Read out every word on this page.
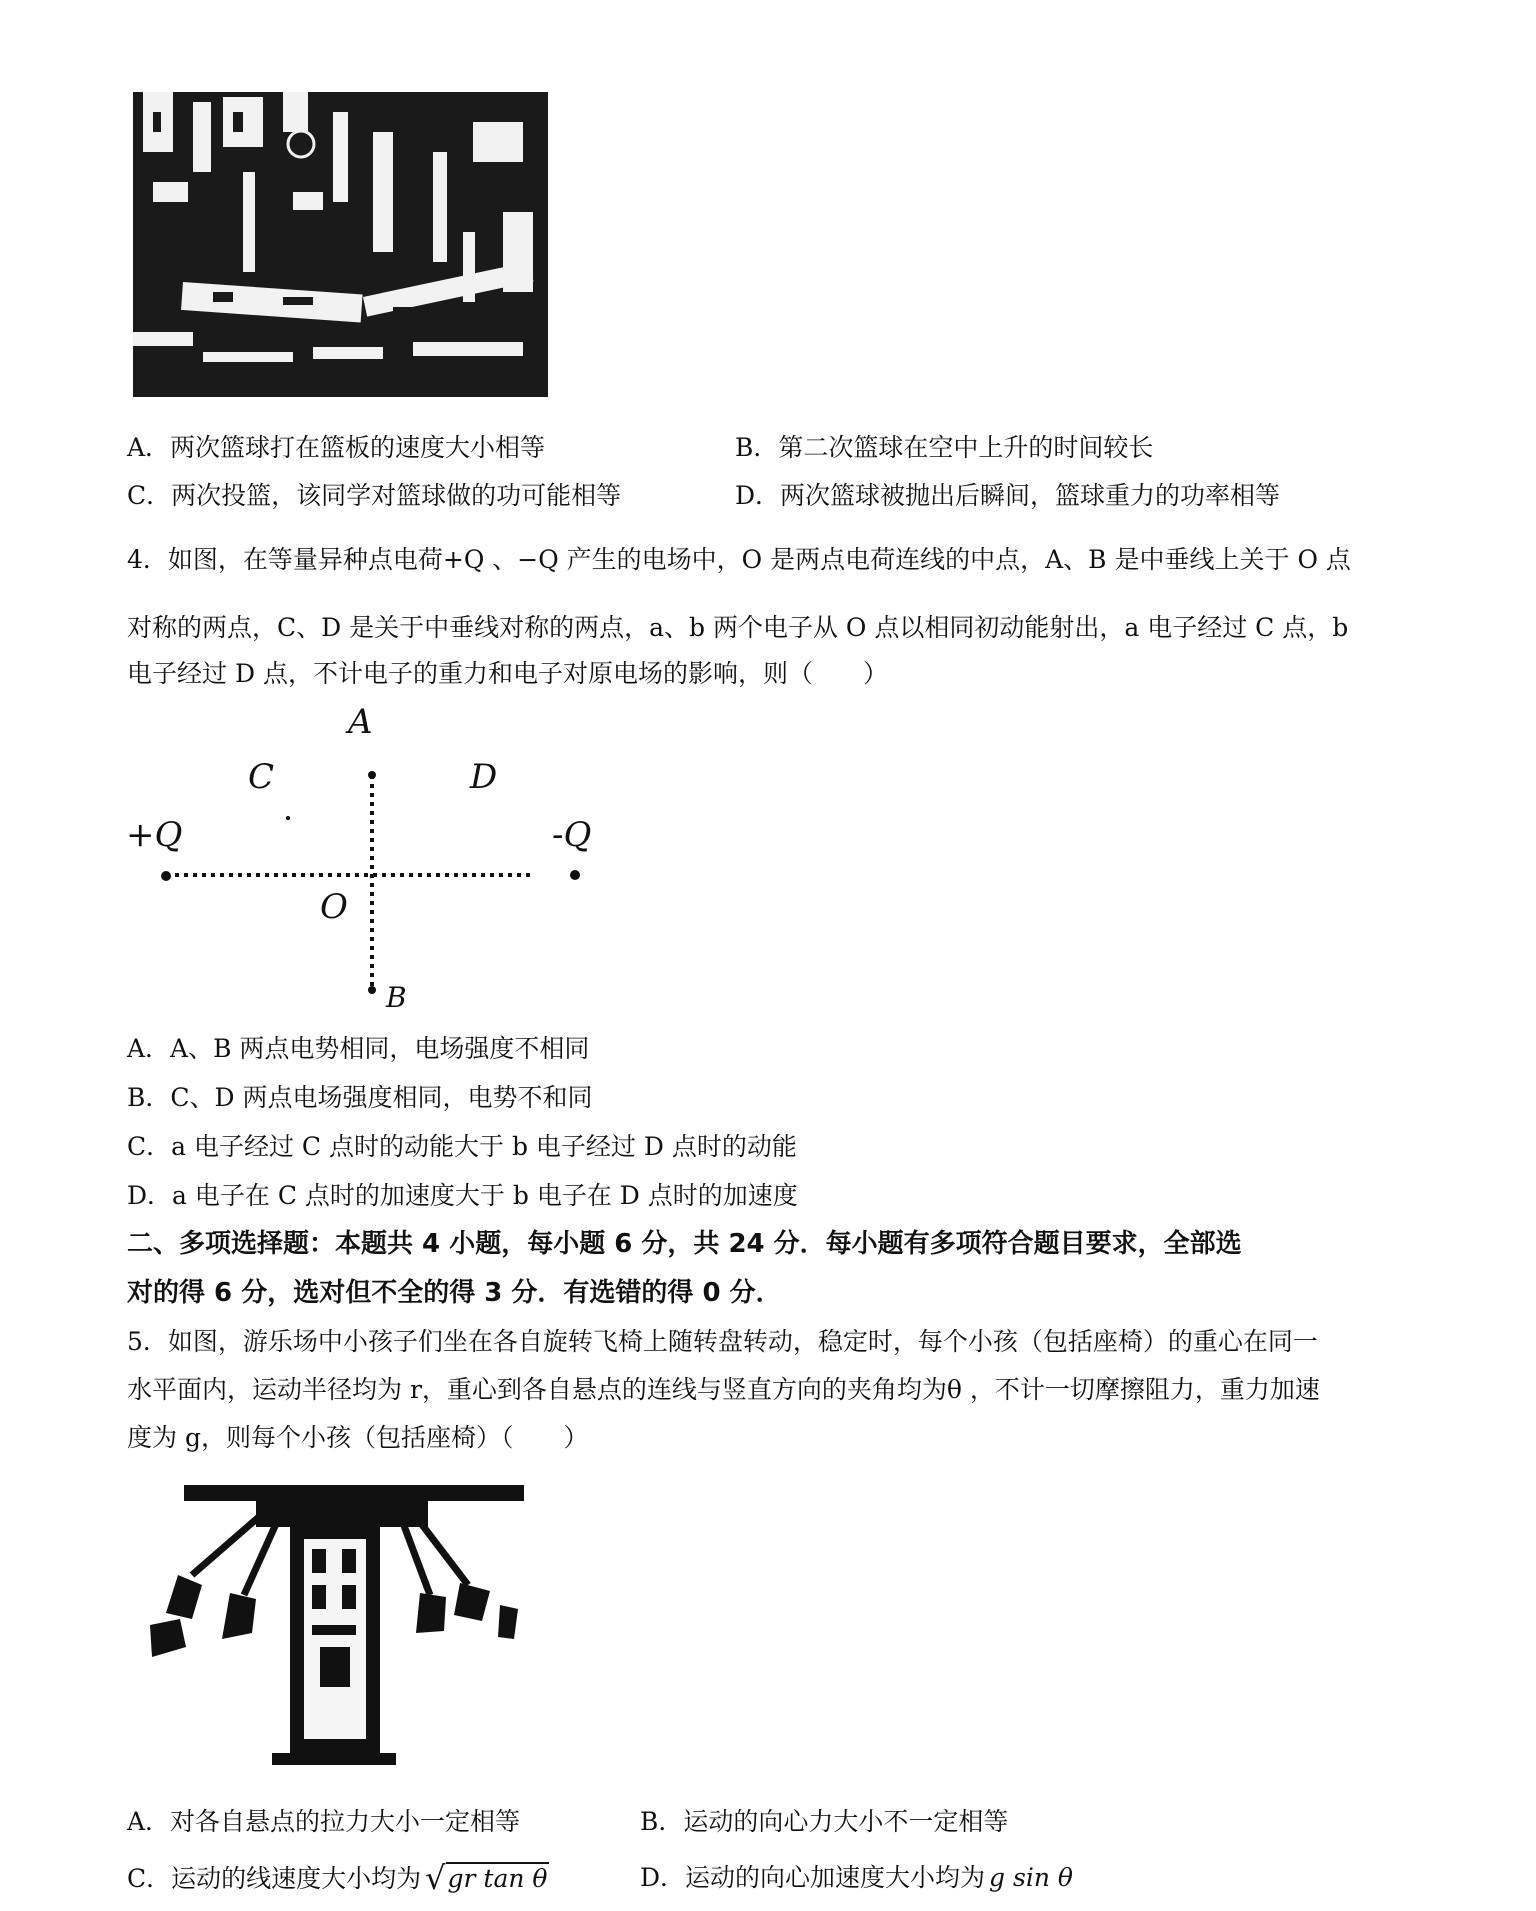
A．两次篮球打在篮板的速度大小相等	B．第二次篮球在空中上升的时间较长
C．两次投篮，该同学对篮球做的功可能相等	D．两次篮球被抛出后瞬间，篮球重力的功率相等
4．如图，在等量异种点电荷+Q 、−Q 产生的电场中，O 是两点电荷连线的中点，A、B 是中垂线上关于 O 点
对称的两点，C、D 是关于中垂线对称的两点，a、b 两个电子从 O 点以相同初动能射出，a 电子经过 C 点，b
电子经过 D 点，不计电子的重力和电子对原电场的影响，则（　　）
A
C	D
+Q	-Q
O
B
A．A、B 两点电势相同，电场强度不相同
B．C、D 两点电场强度相同，电势不和同
C．a 电子经过 C 点时的动能大于 b 电子经过 D 点时的动能
D．a 电子在 C 点时的加速度大于 b 电子在 D 点时的加速度
二、多项选择题：本题共 4 小题，每小题 6 分，共 24 分．每小题有多项符合题目要求，全部选
对的得 6 分，选对但不全的得 3 分．有选错的得 0 分．
5．如图，游乐场中小孩子们坐在各自旋转飞椅上随转盘转动，稳定时，每个小孩（包括座椅）的重心在同一
水平面内，运动半径均为 r，重心到各自悬点的连线与竖直方向的夹角均为θ ，不计一切摩擦阻力，重力加速
度为 g，则每个小孩（包括座椅）（　　）
A．对各自悬点的拉力大小一定相等	B．运动的向心力大小不一定相等
C．运动的线速度大小均为 √gr tan θ	D．运动的向心加速度大小均为 g sin θ
